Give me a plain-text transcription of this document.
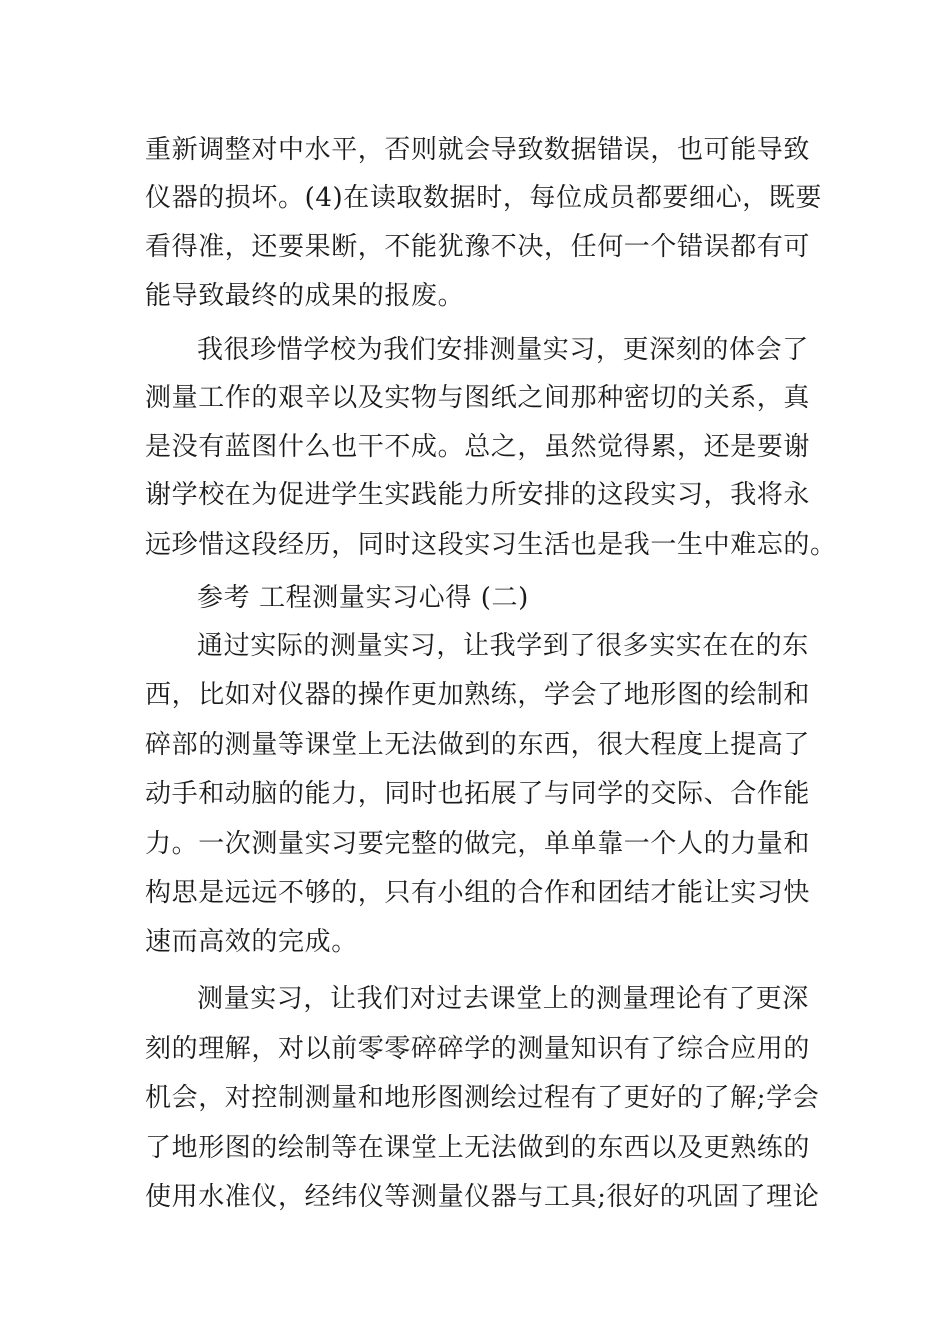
重新调整对中水平，否则就会导致数据错误，也可能导致
仪器的损坏。(4)在读取数据时，每位成员都要细心，既要
看得准，还要果断，不能犹豫不决，任何一个错误都有可
能导致最终的成果的报废。
我很珍惜学校为我们安排测量实习，更深刻的体会了
测量工作的艰辛以及实物与图纸之间那种密切的关系，真
是没有蓝图什么也干不成。总之，虽然觉得累，还是要谢
谢学校在为促进学生实践能力所安排的这段实习，我将永
远珍惜这段经历，同时这段实习生活也是我一生中难忘的。
参考 工程测量实习心得 (二)
通过实际的测量实习，让我学到了很多实实在在的东
西，比如对仪器的操作更加熟练，学会了地形图的绘制和
碎部的测量等课堂上无法做到的东西，很大程度上提高了
动手和动脑的能力，同时也拓展了与同学的交际、合作能
力。一次测量实习要完整的做完，单单靠一个人的力量和
构思是远远不够的，只有小组的合作和团结才能让实习快
速而高效的完成。
测量实习，让我们对过去课堂上的测量理论有了更深
刻的理解，对以前零零碎碎学的测量知识有了综合应用的
机会，对控制测量和地形图测绘过程有了更好的了解;学会
了地形图的绘制等在课堂上无法做到的东西以及更熟练的
使用水准仪，经纬仪等测量仪器与工具;很好的巩固了理论
